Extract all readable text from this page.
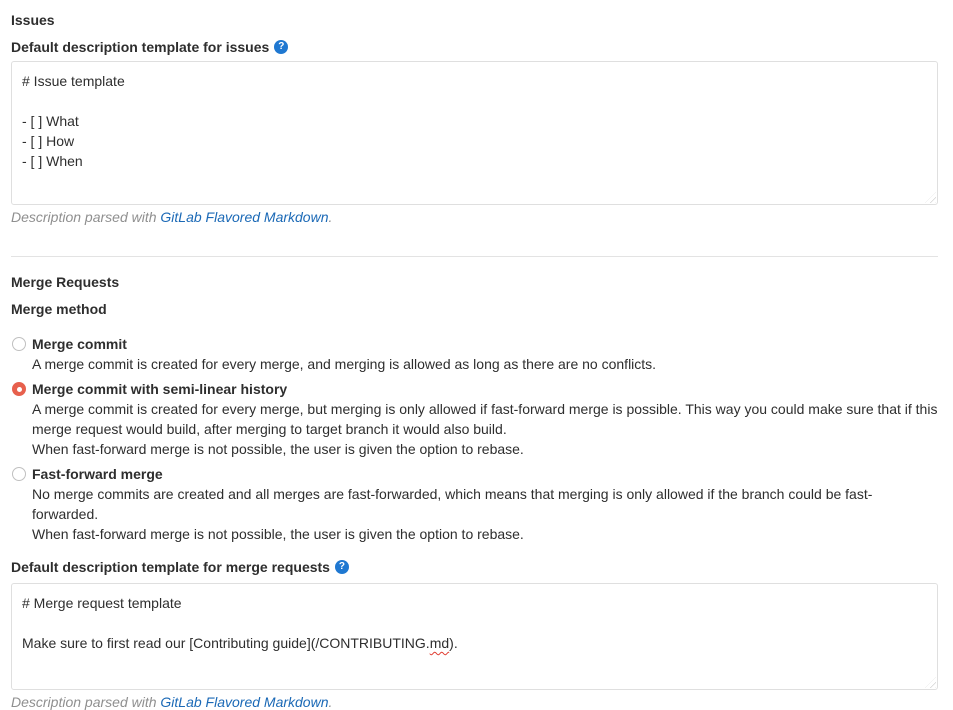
Issues
Default description template for issues ?
# Issue template
- [ ] What
- [ ] How
- [ ] When

Description parsed with GitLab Flavored Markdown.

Merge Requests
Merge method
Merge commit
A merge commit is created for every merge, and merging is allowed as long as there are no conflicts.
Merge commit with semi-linear history
A merge commit is created for every merge, but merging is only allowed if fast-forward merge is possible. This way you could make sure that if this merge request would build, after merging to target branch it would also build.
When fast-forward merge is not possible, the user is given the option to rebase.
Fast-forward merge
No merge commits are created and all merges are fast-forwarded, which means that merging is only allowed if the branch could be fast-forwarded.
When fast-forward merge is not possible, the user is given the option to rebase.
Default description template for merge requests ?
# Merge request template
Make sure to first read our [Contributing guide](/CONTRIBUTING.md).

Description parsed with GitLab Flavored Markdown.
